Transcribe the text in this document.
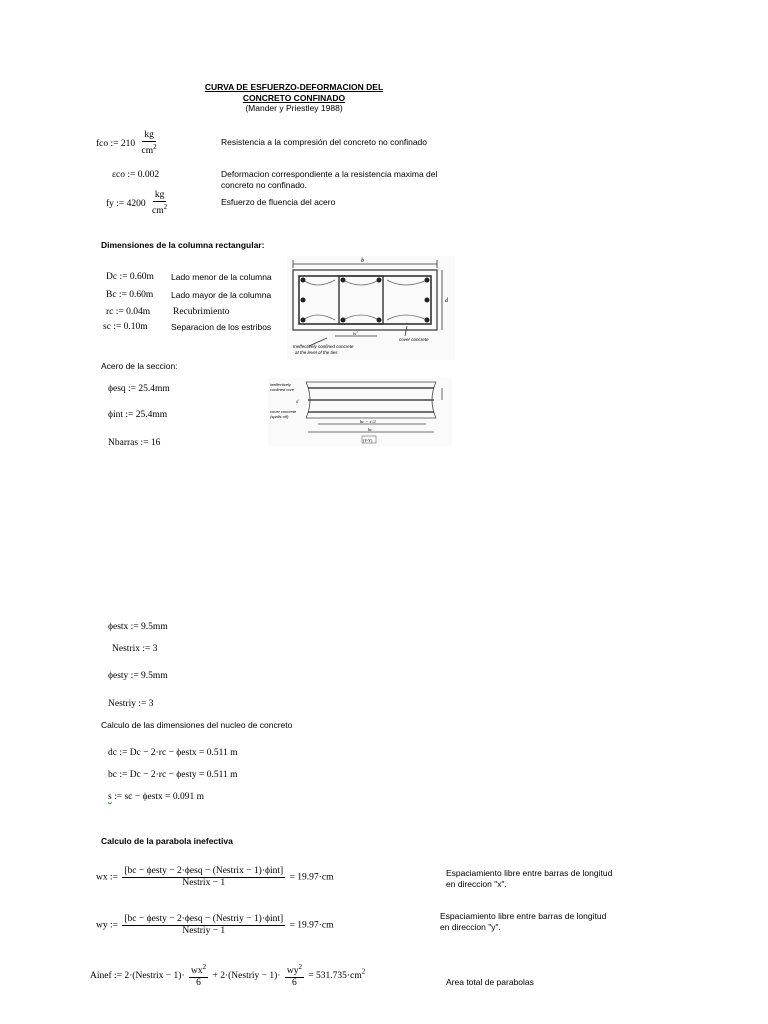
CURVA DE ESFUERZO-DEFORMACION DEL
CONCRETO CONFINADO
(Mander y Priestley 1988)
fco := $210 \frac{kg}{cm^2}$	Resistencia a la compresión del concreto no confinado
εco := 0.002	Deformacion correspondiente a la resistencia maxima del
concreto no confinado.
fy := $4200 \frac{kg}{cm^2}$	Esfuerzo de fluencia del acero
Dimensiones de la columna rectangular:
Dc := 0.60m Lado menor de la columna
Bc := 0.60m Lado mayor de la columna
rc := 0.04m Recubrimiento
sc := 0.10m	Separacion de los estribos
b
d
w'
Ineffectively confined concrete
at the level of the ties
cover concrete
Acero de la seccion:
ϕesq := 25.4mm
ϕint := 25.4mm
Nbarras := 16
ineffectively
confined core
cover concrete
(spalls off)
s'
bc − s'/2
bc
(Y-Y)
ϕestx := 9.5mm
Nestrix := 3
ϕesty := 9.5mm
Nestriy := 3
Calculo de las dimensiones del nucleo de concreto
dc := Dc − 2·rc − ϕestx = 0.511 m
bc := Dc − 2·rc − ϕesty = 0.511 m
s := sc − ϕestx = 0.091 m
Calculo de la parabola inefectiva
wx := $\frac{\text{[bc − ϕesty − 2·ϕesq − (Nestrix − 1)·ϕint]}}{\text{Nestrix − 1}} = 19.97\cdot cm$	Espaciamiento libre entre barras de longitud
en direccion "x".
wy := $\frac{\text{[bc − ϕesty − 2·ϕesq − (Nestriy − 1)·ϕint]}}{\text{Nestriy − 1}} = 19.97\cdot cm$
Espaciamiento libre entre barras de longitud
en direccion "y".
Ainef := 2·(Nestrix − $1)\cdot \frac{wx^2}{6}$ + 2·(Nestriy − $1)\cdot \frac{wy^2}{6} = 531.735\cdot cm^2$
Area total de parabolas
